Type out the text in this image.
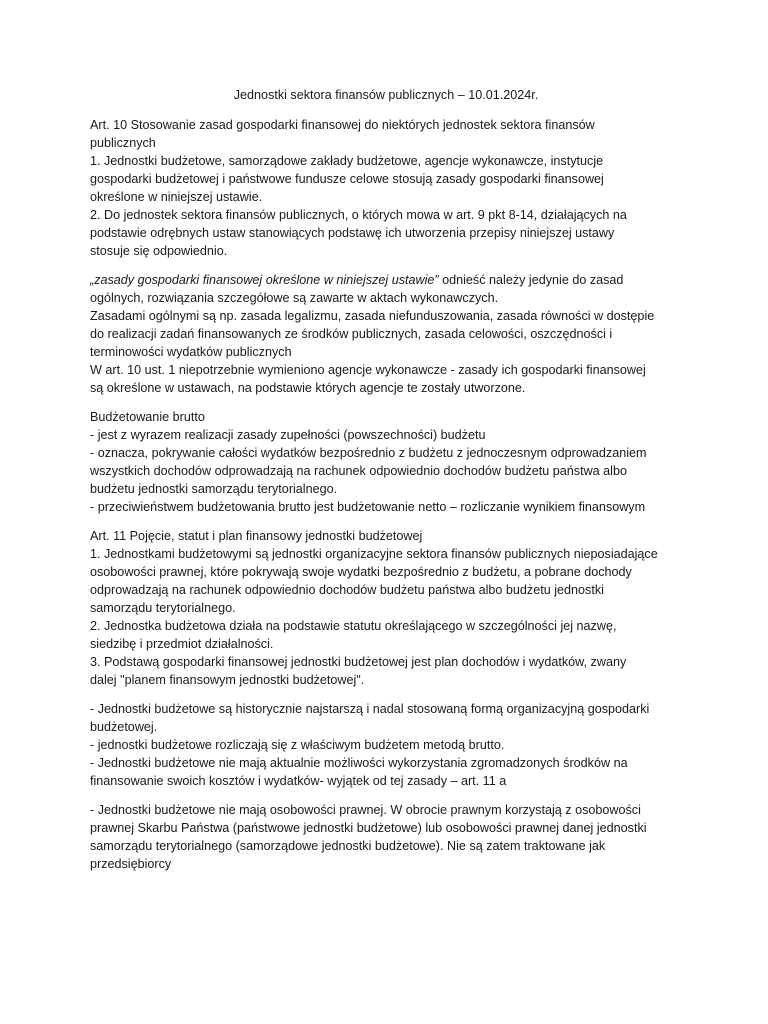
Jednostki sektora finansów publicznych – 10.01.2024r.

Art. 10 Stosowanie zasad gospodarki finansowej do niektórych jednostek sektora finansów
publicznych
1. Jednostki budżetowe, samorządowe zakłady budżetowe, agencje wykonawcze, instytucje
gospodarki budżetowej i państwowe fundusze celowe stosują zasady gospodarki finansowej
określone w niniejszej ustawie.
2. Do jednostek sektora finansów publicznych, o których mowa w art. 9 pkt 8-14, działających na
podstawie odrębnych ustaw stanowiących podstawę ich utworzenia przepisy niniejszej ustawy
stosuje się odpowiednio.
„zasady gospodarki finansowej określone w niniejszej ustawie” odnieść należy jedynie do zasad
ogólnych, rozwiązania szczegółowe są zawarte w aktach wykonawczych.
Zasadami ogólnymi są np. zasada legalizmu, zasada niefunduszowania, zasada równości w dostępie
do realizacji zadań finansowanych ze środków publicznych, zasada celowości, oszczędności i
terminowości wydatków publicznych
W art. 10 ust. 1 niepotrzebnie wymieniono agencje wykonawcze - zasady ich gospodarki finansowej
są określone w ustawach, na podstawie których agencje te zostały utworzone.
Budżetowanie brutto
- jest z wyrazem realizacji zasady zupełności (powszechności) budżetu
- oznacza, pokrywanie całości wydatków bezpośrednio z budżetu z jednoczesnym odprowadzaniem
wszystkich dochodów odprowadzają na rachunek odpowiednio dochodów budżetu państwa albo
budżetu jednostki samorządu terytorialnego.
- przeciwieństwem budżetowania brutto jest budżetowanie netto – rozliczanie wynikiem finansowym
Art. 11 Pojęcie, statut i plan finansowy jednostki budżetowej
1. Jednostkami budżetowymi są jednostki organizacyjne sektora finansów publicznych nieposiadające
osobowości prawnej, które pokrywają swoje wydatki bezpośrednio z budżetu, a pobrane dochody
odprowadzają na rachunek odpowiednio dochodów budżetu państwa albo budżetu jednostki
samorządu terytorialnego.
2. Jednostka budżetowa działa na podstawie statutu określającego w szczególności jej nazwę,
siedzibę i przedmiot działalności.
3. Podstawą gospodarki finansowej jednostki budżetowej jest plan dochodów i wydatków, zwany
dalej "planem finansowym jednostki budżetowej".
- Jednostki budżetowe są historycznie najstarszą i nadal stosowaną formą organizacyjną gospodarki
budżetowej.
- jednostki budżetowe rozliczają się z właściwym budżetem metodą brutto.
- Jednostki budżetowe nie mają aktualnie możliwości wykorzystania zgromadzonych środków na
finansowanie swoich kosztów i wydatków- wyjątek od tej zasady – art. 11 a
- Jednostki budżetowe nie mają osobowości prawnej. W obrocie prawnym korzystają z osobowości
prawnej Skarbu Państwa (państwowe jednostki budżetowe) lub osobowości prawnej danej jednostki
samorządu terytorialnego (samorządowe jednostki budżetowe). Nie są zatem traktowane jak
przedsiębiorcy
